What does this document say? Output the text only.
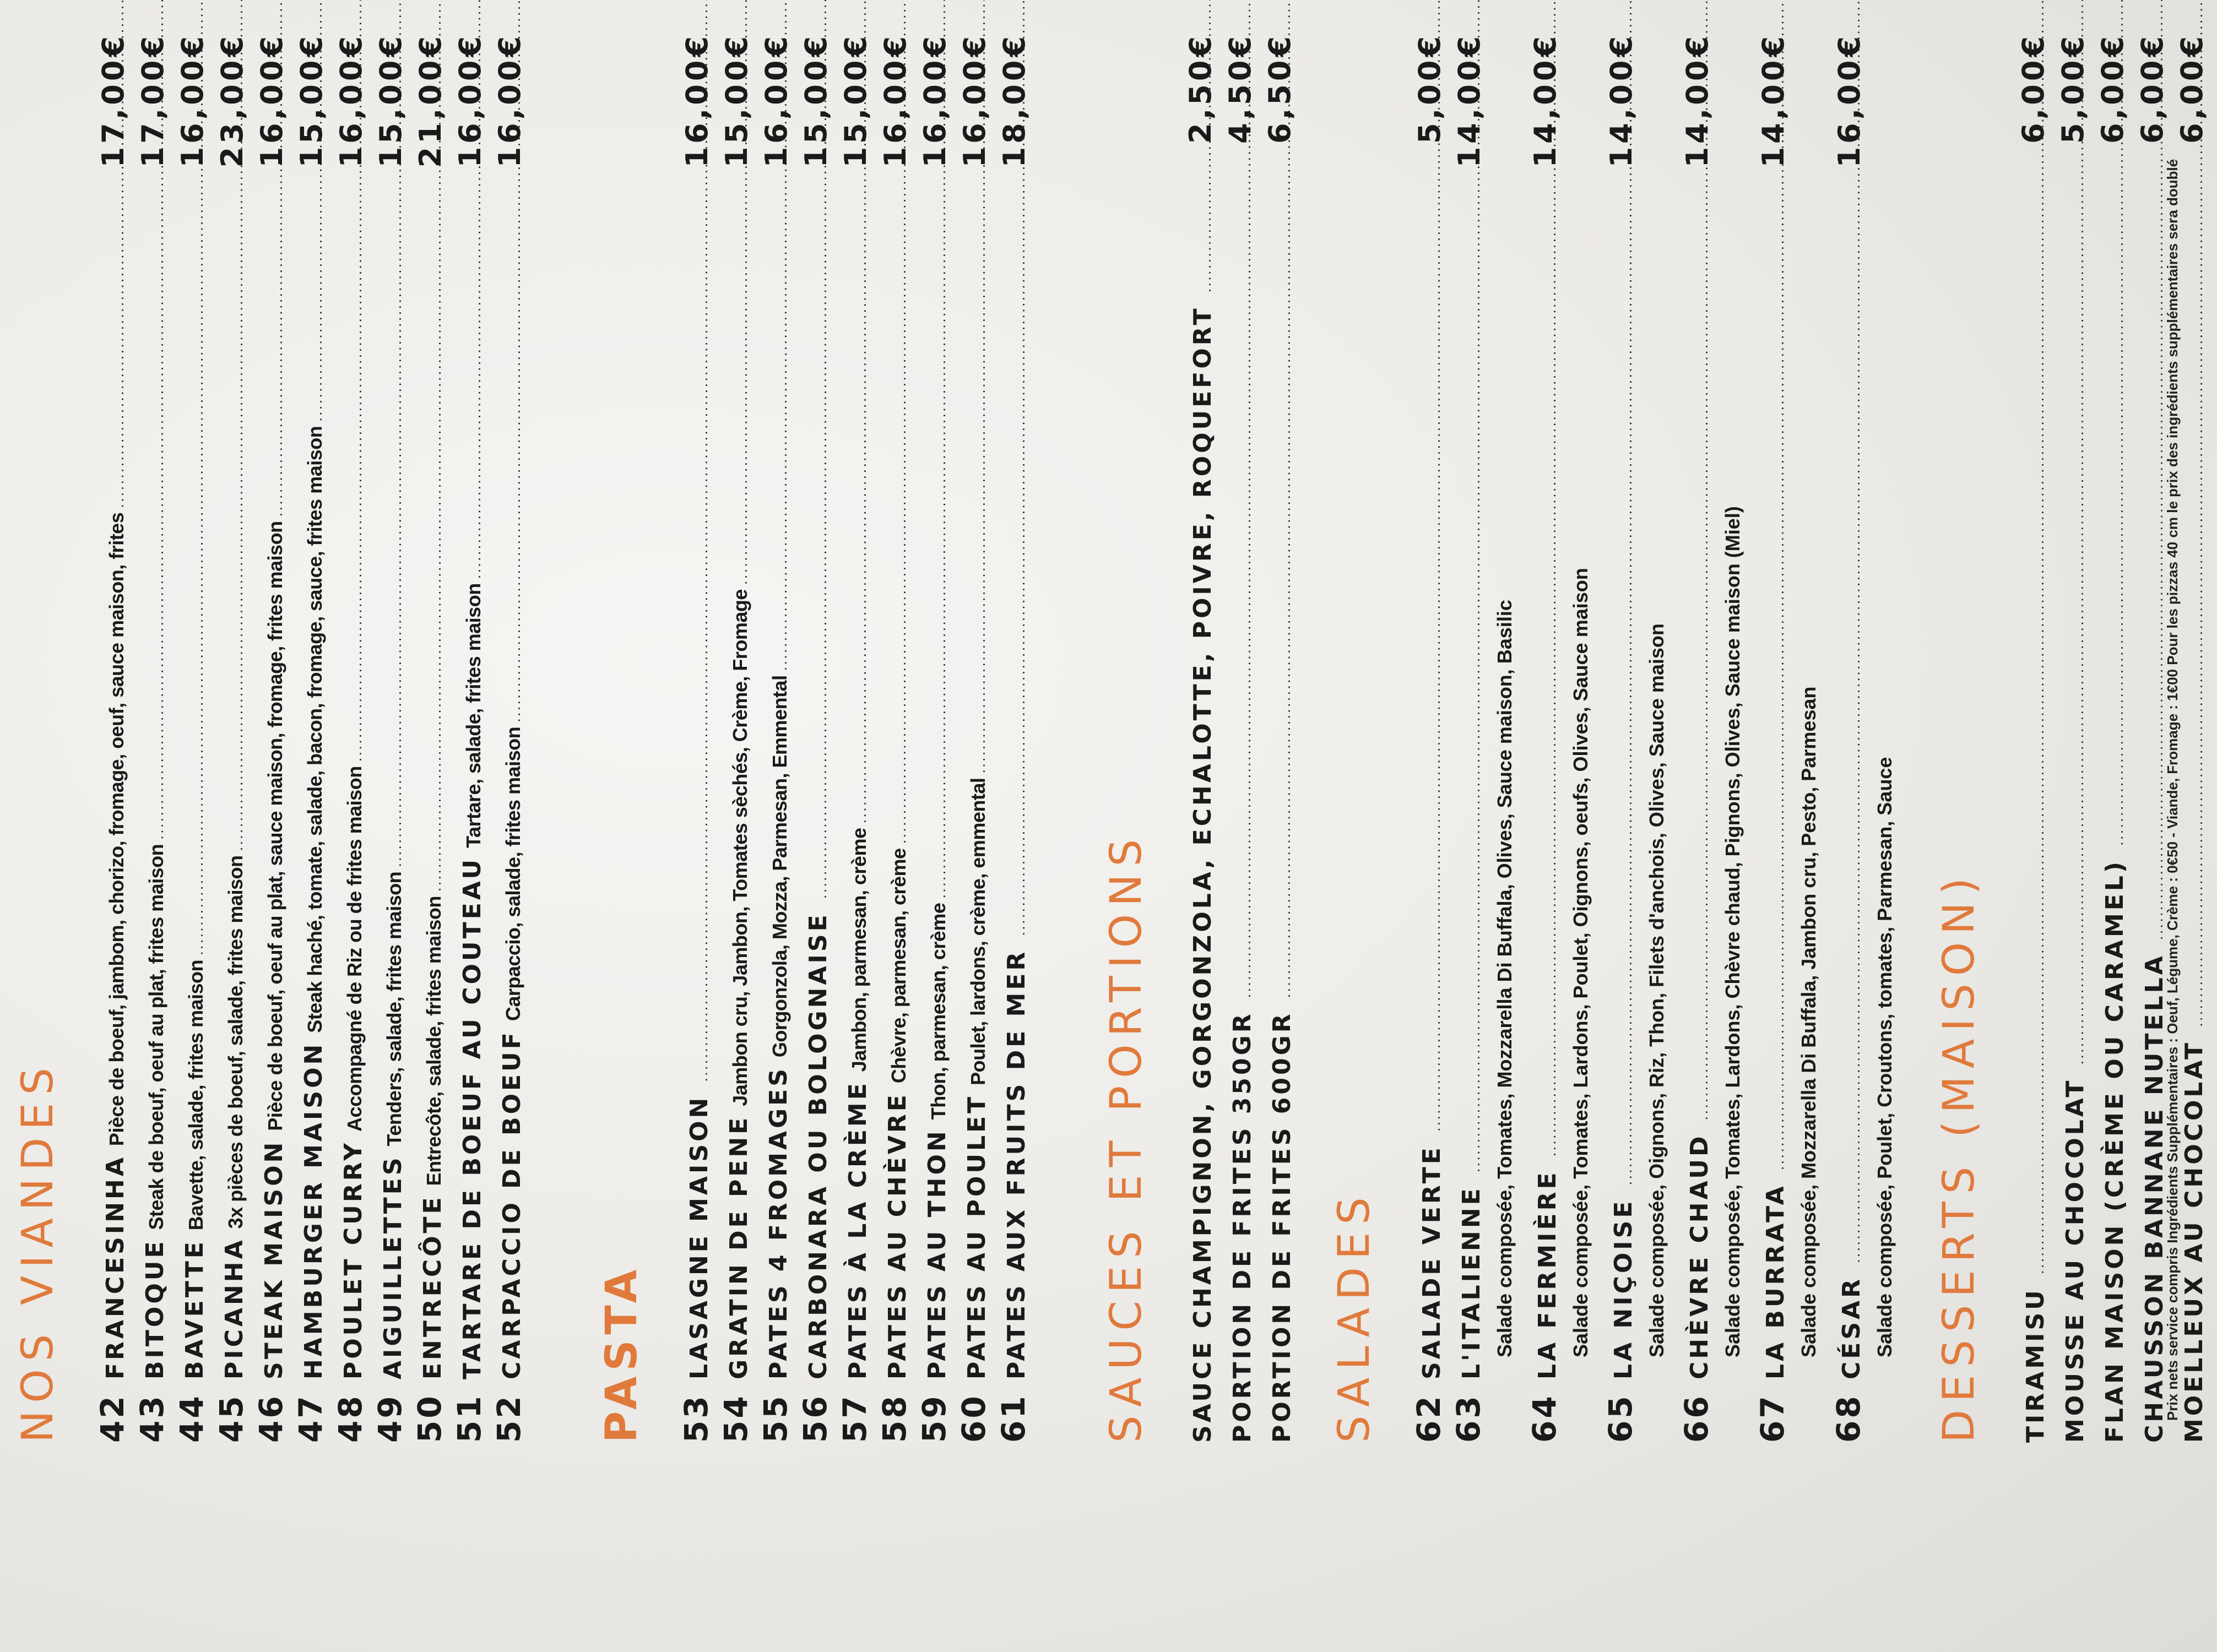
NOS VIANDES 42
FRANCESINHA
Pièce de boeuf, jambom, chorizo, fromage, oeuf, sauce maison, frites
.....
17,00€
43
BITOQUE
Steak de boeuf, oeuf au plat, frites maison
.....
17,00€
44
BAVETTE
Bavette, salade, frites maison
.....
16,00€
45
PICANHA
3x pièces de boeuf, salade, frites maison
.....
23,00€
46
STEAK MAISON
Pièce de boeuf, oeuf au plat, sauce maison, fromage, frites maison
.....
16,00€
47
HAMBURGER MAISON
Steak haché, tomate, salade, bacon, fromage, sauce, frites maison
.....
15,00€
48
POULET CURRY
Accompagné de Riz ou de frites maison
.....
16,00€
49
AIGUILLETTES
Tenders, salade, frites maison
.....
15,00€
50
ENTRECÔTE
Entrecôte, salade, frites maison
.....
21,00€
51
TARTARE DE BOEUF AU COUTEAU
Tartare, salade, frites maison
.....
16,00€
52
CARPACCIO DE BOEUF
Carpaccio, salade, frites maison
.....
16,00€
PASTA 53
LASAGNE MAISON
.....
16,00€
54
GRATIN DE PENE
Jambon cru, Jambon, Tomates sèchés, Crème, Fromage
.....
15,00€
55
PATES 4 FROMAGES
Gorgonzola, Mozza, Parmesan, Emmental
.....
16,00€
56
CARBONARA OU BOLOGNAISE
.....
15,00€
57
PATES À LA CRÈME
Jambon, parmesan, crème
.....
15,00€
58
PATES AU CHÈVRE
Chèvre, parmesan, crème
.....
16,00€
59
PATES AU THON
Thon, parmesan, crème
.....
16,00€
60
PATES AU POULET
Poulet, lardons, crème, emmental
.....
16,00€
61
PATES AUX FRUITS DE MER
.....
18,00€
SAUCES ET PORTIONS SAUCE CHAMPIGNON, GORGONZOLA, ECHALOTTE, POIVRE, ROQUEFORT
.....
2,50€
PORTION DE FRITES 350GR
.....
4,50€
PORTION DE FRITES 600GR
.....
6,50€
SALADES 62
SALADE VERTE
.....
5,00€
63
L'ITALIENNE
.....
14,00€
Salade composée, Tomates, Mozzarella Di Buffala, Olives, Sauce maison, Basilic
64
LA FERMIÈRE
.....
14,00€
Salade composée, Tomates, Lardons, Poulet, Oignons, oeufs, Olives, Sauce maison
65
LA NIÇOISE
.....
14,00€
Salade composée, Oignons, Riz, Thon, Filets d'anchois, Olives, Sauce maison
66
CHÈVRE CHAUD
.....
14,00€
Salade composée, Tomates, Lardons, Chèvre chaud, Pignons, Olives, Sauce maison (Miel)
67
LA BURRATA
.....
14,00€
Salade composée, Mozzarella Di Buffala, Jambon cru, Pesto, Parmesan
68
CÉSAR
.....
16,00€
Salade composée, Poulet, Croutons, tomates, Parmesan, Sauce DESSERTS (MAISON) TIRAMISU
.....
6,00€
MOUSSE AU CHOCOLAT
.....
5,00€
FLAN MAISON (CRÈME OU CARAMEL)
.....
6,00€
CHAUSSON BANNANE NUTELLA
.....
6,00€
MOELLEUX AU CHOCOLAT
.....
6,00€
Prix nets service compris Ingrédients Supplémentaires : Oeuf, Légume, Crème : 0€50 - Viande, Fromage : 1€00 Pour les pizzas 40 cm le prix des ingrédients supplémentaires sera doublé
